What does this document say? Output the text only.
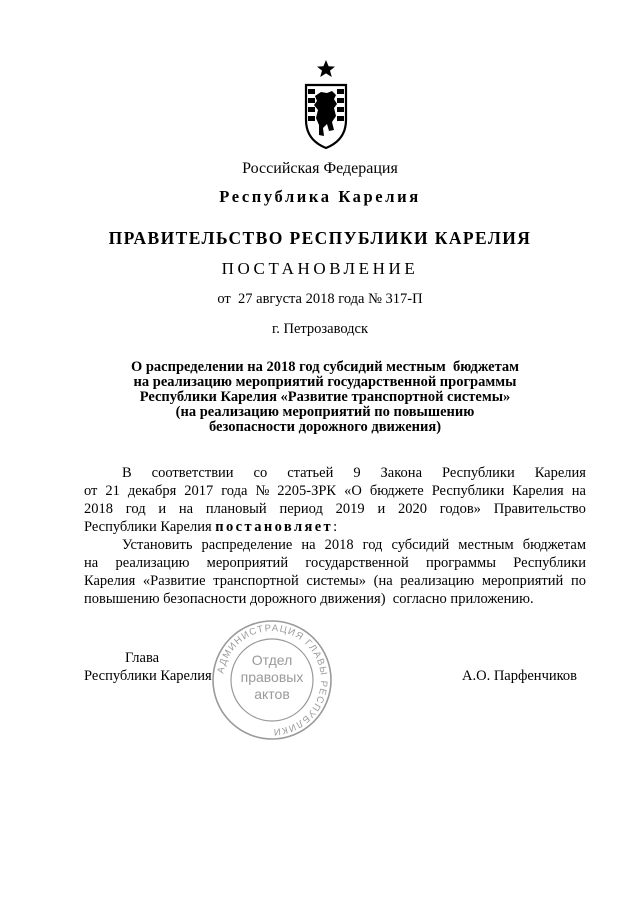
Российская Федерация
Республика Карелия
ПРАВИТЕЛЬСТВО РЕСПУБЛИКИ КАРЕЛИЯ
ПОСТАНОВЛЕНИЕ
от  27 августа 2018 года № 317-П
г. Петрозаводск
О распределении на 2018 год субсидий местным  бюджетам
на реализацию мероприятий государственной программы
Республики Карелия «Развитие транспортной системы»
(на реализацию мероприятий по повышению
безопасности дорожного движения)
В соответствии со статьей 9 Закона Республики Карелия
от 21 декабря 2017 года № 2205-ЗРК «О бюджете Республики Карелия на
2018 год и на плановый период 2019 и 2020 годов» Правительство
Республики Карелия постановляет:
Установить распределение на 2018 год субсидий местным бюджетам
на реализацию мероприятий государственной программы Республики
Карелия «Развитие транспортной системы» (на реализацию мероприятий по
повышению безопасности дорожного движения)  согласно приложению.
АДМИНИСТРАЦИЯ ГЛАВЫ РЕСПУБЛИКИ
Отдел
правовых
актов
Глава
Республики Карелия	А.О. Парфенчиков
